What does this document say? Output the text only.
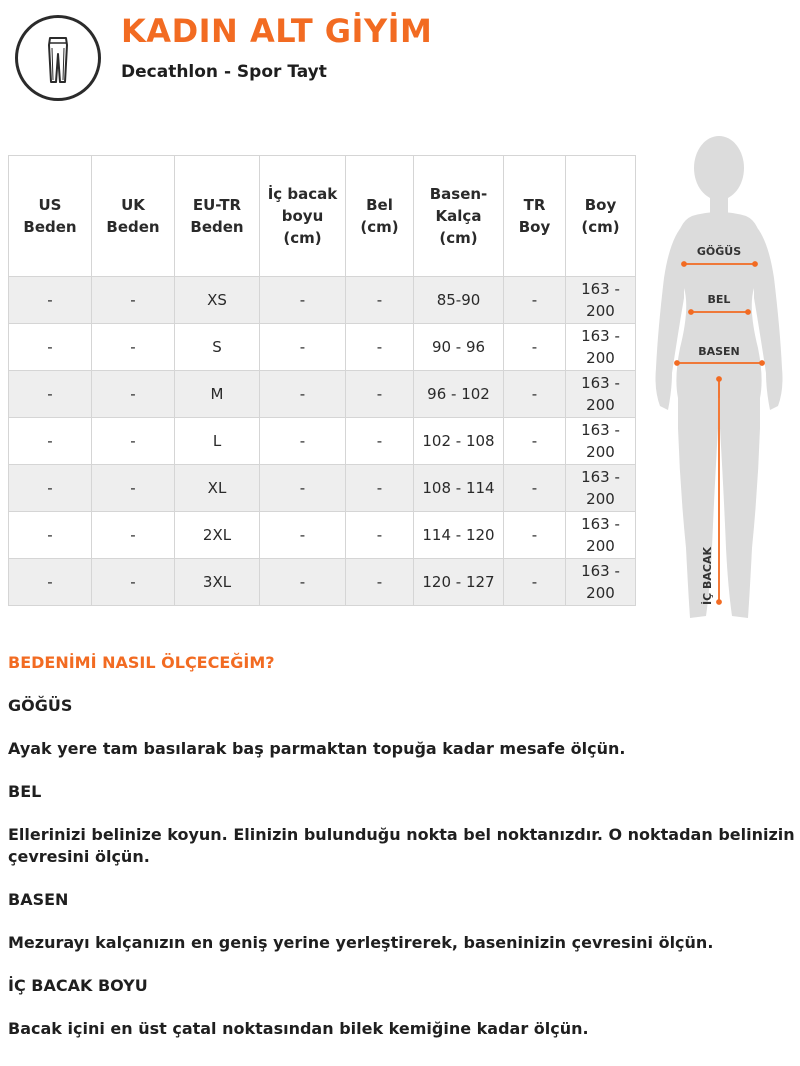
KADIN ALT GİYİM
Decathlon - Spor Tayt
US Beden	UK Beden	EU-TR Beden	İç bacak boyu (cm)	Bel (cm)	Basen-Kalça (cm)	TR Boy	Boy (cm)
-	-	XS	-	-	85-90	-	163 - 200
-	-	S	-	-	90 - 96	-	163 - 200
-	-	M	-	-	96 - 102	-	163 - 200
-	-	L	-	-	102 - 108	-	163 - 200
-	-	XL	-	-	108 - 114	-	163 - 200
-	-	2XL	-	-	114 - 120	-	163 - 200
-	-	3XL	-	-	120 - 127	-	163 - 200
GÖĞÜS
BEL
BASEN
İÇ BACAK

BEDENİMİ NASIL ÖLÇECEĞİM?

GÖĞÜS

Ayak yere tam basılarak baş parmaktan topuğa kadar mesafe ölçün.

BEL

Ellerinizi belinize koyun. Elinizin bulunduğu nokta bel noktanızdır. O noktadan belinizin çevresini ölçün.

BASEN

Mezurayı kalçanızın en geniş yerine yerleştirerek, baseninizin çevresini ölçün.

İÇ BACAK BOYU

Bacak içini en üst çatal noktasından bilek kemiğine kadar ölçün.
